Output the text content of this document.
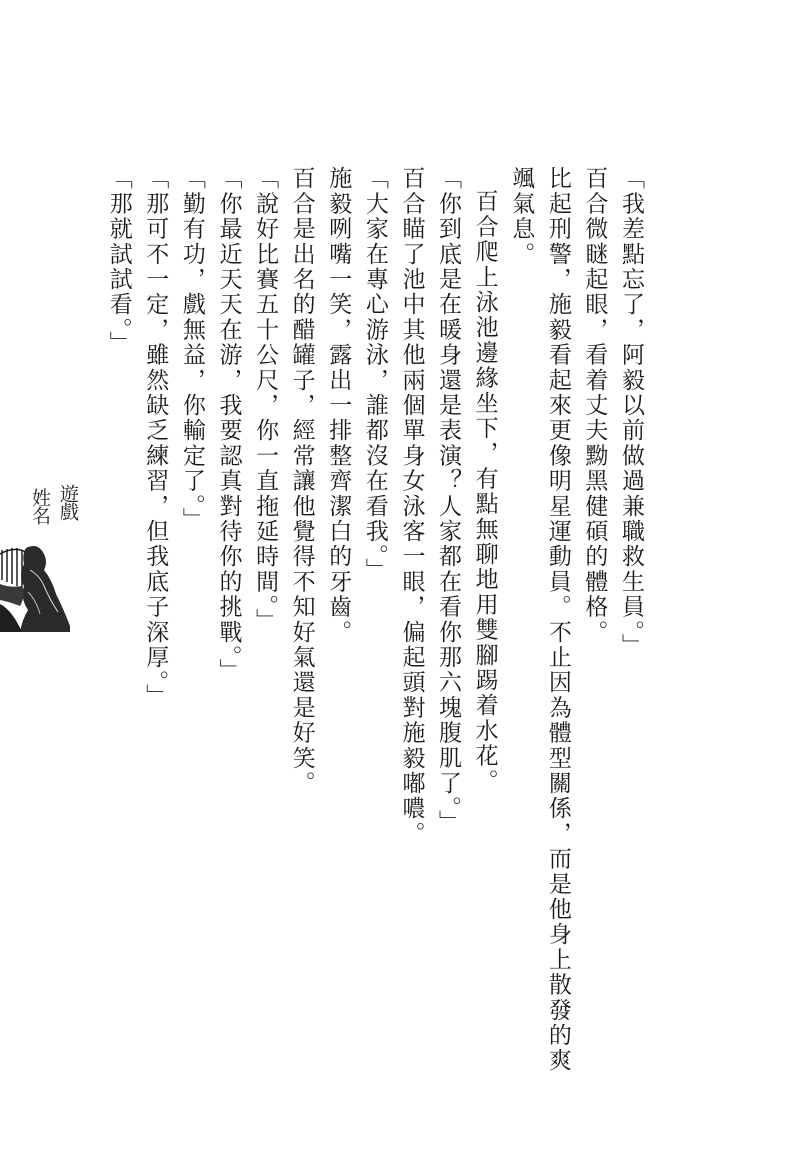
「我差點忘了，阿毅以前做過兼職救生員。」

百合微瞇起眼，看着丈夫黝黑健碩的體格。

比起刑警，施毅看起來更像明星運動員。不止因為體型關係，而是他身上散發的爽

颯氣息。

百合爬上泳池邊緣坐下，有點無聊地用雙腳踢着水花。

「你到底是在暖身還是表演？人家都在看你那六塊腹肌了。」

百合瞄了池中其他兩個單身女泳客一眼，偏起頭對施毅嘟噥。

「大家在專心游泳，誰都沒在看我。」

施毅咧嘴一笑，露出一排整齊潔白的牙齒。

百合是出名的醋罐子，經常讓他覺得不知好氣還是好笑。

「說好比賽五十公尺，你一直拖延時間。」

「你最近天天在游，我要認真對待你的挑戰。」

「勤有功，戲無益，你輸定了。」

「那可不一定，雖然缺乏練習，但我底子深厚。」

「那就試試看。」

遊戲
姓名
